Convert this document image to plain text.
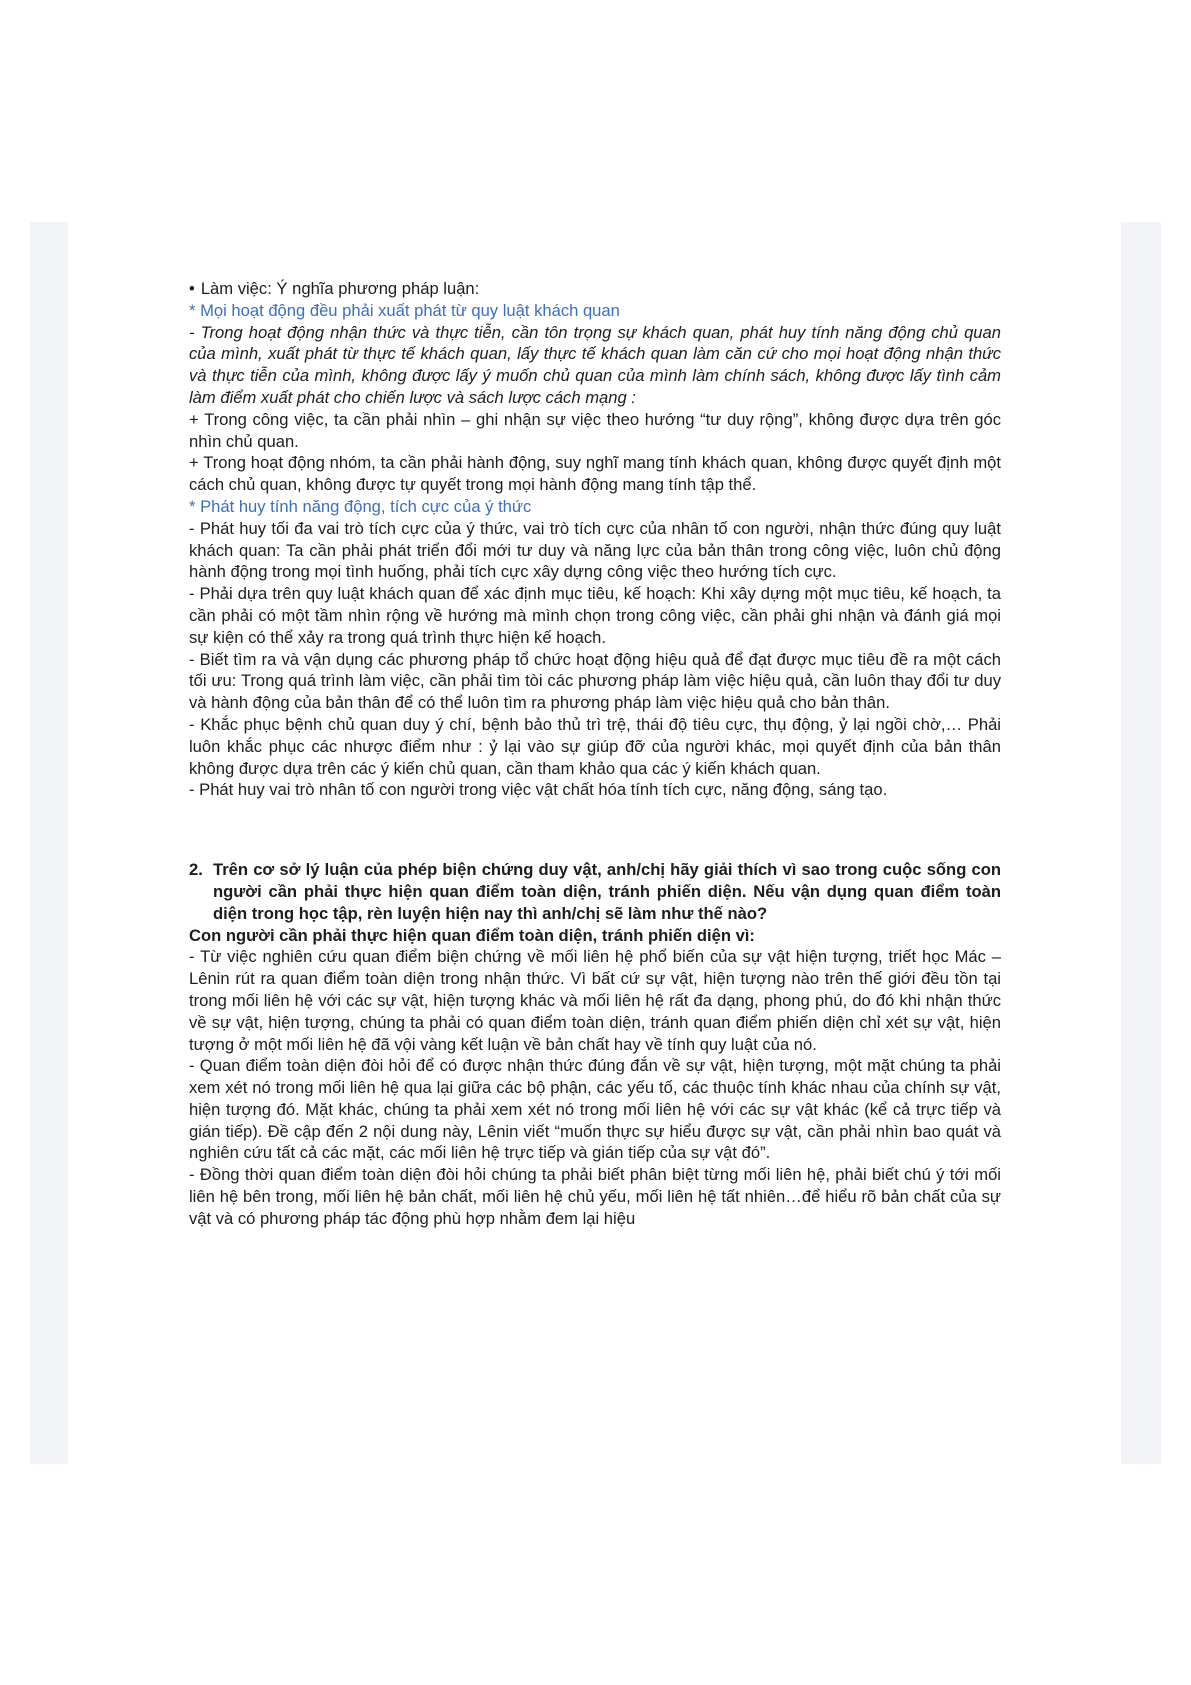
• Làm việc: Ý nghĩa phương pháp luận:

* Mọi hoạt động đều phải xuất phát từ quy luật khách quan

- Trong hoạt động nhận thức và thực tiễn, cần tôn trọng sự khách quan, phát huy tính năng động chủ quan của mình, xuất phát từ thực tế khách quan, lấy thực tế khách quan làm căn cứ cho mọi hoạt động nhận thức và thực tiễn của mình, không được lấy ý muốn chủ quan của mình làm chính sách, không được lấy tình cảm làm điểm xuất phát cho chiến lược và sách lược cách mạng :

+ Trong công việc, ta cần phải nhìn – ghi nhận sự việc theo hướng “tư duy rộng”, không được dựa trên góc nhìn chủ quan.

+ Trong hoạt động nhóm, ta cần phải hành động, suy nghĩ mang tính khách quan, không được quyết định một cách chủ quan, không được tự quyết trong mọi hành động mang tính tập thể.

* Phát huy tính năng động, tích cực của ý thức

- Phát huy tối đa vai trò tích cực của ý thức, vai trò tích cực của nhân tố con người, nhận thức đúng quy luật khách quan: Ta cần phải phát triển đổi mới tư duy và năng lực của bản thân trong công việc, luôn chủ động hành động trong mọi tình huống, phải tích cực xây dựng công việc theo hướng tích cực.

- Phải dựa trên quy luật khách quan để xác định mục tiêu, kế hoạch: Khi xây dựng một mục tiêu, kế hoạch, ta cần phải có một tầm nhìn rộng về hướng mà mình chọn trong công việc, cần phải ghi nhận và đánh giá mọi sự kiện có thể xảy ra trong quá trình thực hiện kế hoạch.

- Biết tìm ra và vận dụng các phương pháp tổ chức hoạt động hiệu quả để đạt được mục tiêu đề ra một cách tối ưu: Trong quá trình làm việc, cần phải tìm tòi các phương pháp làm việc hiệu quả, cần luôn thay đổi tư duy và hành động của bản thân để có thể luôn tìm ra phương pháp làm việc hiệu quả cho bản thân.

- Khắc phục bệnh chủ quan duy ý chí, bệnh bảo thủ trì trệ, thái độ tiêu cực, thụ động, ỷ lại ngồi chờ,… Phải luôn khắc phục các nhược điểm như : ỷ lại vào sự giúp đỡ của người khác, mọi quyết định của bản thân không được dựa trên các ý kiến chủ quan, cần tham khảo qua các ý kiến khách quan.

- Phát huy vai trò nhân tố con người trong việc vật chất hóa tính tích cực, năng động, sáng tạo.

2. Trên cơ sở lý luận của phép biện chứng duy vật, anh/chị hãy giải thích vì sao trong cuộc sống con người cần phải thực hiện quan điểm toàn diện, tránh phiến diện. Nếu vận dụng quan điểm toàn diện trong học tập, rèn luyện hiện nay thì anh/chị sẽ làm như thế nào?

Con người cần phải thực hiện quan điểm toàn diện, tránh phiến diện vì:

- Từ việc nghiên cứu quan điểm biện chứng về mối liên hệ phổ biến của sự vật hiện tượng, triết học Mác – Lênin rút ra quan điểm toàn diện trong nhận thức. Vì bất cứ sự vật, hiện tượng nào trên thế giới đều tồn tại trong mối liên hệ với các sự vật, hiện tượng khác và mối liên hệ rất đa dạng, phong phú, do đó khi nhận thức về sự vật, hiện tượng, chúng ta phải có quan điểm toàn diện, tránh quan điểm phiến diện chỉ xét sự vật, hiện tượng ở một mối liên hệ đã vội vàng kết luận về bản chất hay về tính quy luật của nó.

- Quan điểm toàn diện đòi hỏi để có được nhận thức đúng đắn về sự vật, hiện tượng, một mặt chúng ta phải xem xét nó trong mối liên hệ qua lại giữa các bộ phận, các yếu tố, các thuộc tính khác nhau của chính sự vật, hiện tượng đó. Mặt khác, chúng ta phải xem xét nó trong mối liên hệ với các sự vật khác (kể cả trực tiếp và gián tiếp). Đề cập đến 2 nội dung này, Lênin viết “muốn thực sự hiểu được sự vật, cần phải nhìn bao quát và nghiên cứu tất cả các mặt, các mối liên hệ trực tiếp và gián tiếp của sự vật đó”.

- Đồng thời quan điểm toàn diện đòi hỏi chúng ta phải biết phân biệt từng mối liên hệ, phải biết chú ý tới mối liên hệ bên trong, mối liên hệ bản chất, mối liên hệ chủ yếu, mối liên hệ tất nhiên…để hiểu rõ bản chất của sự vật và có phương pháp tác động phù hợp nhằm đem lại hiệu
